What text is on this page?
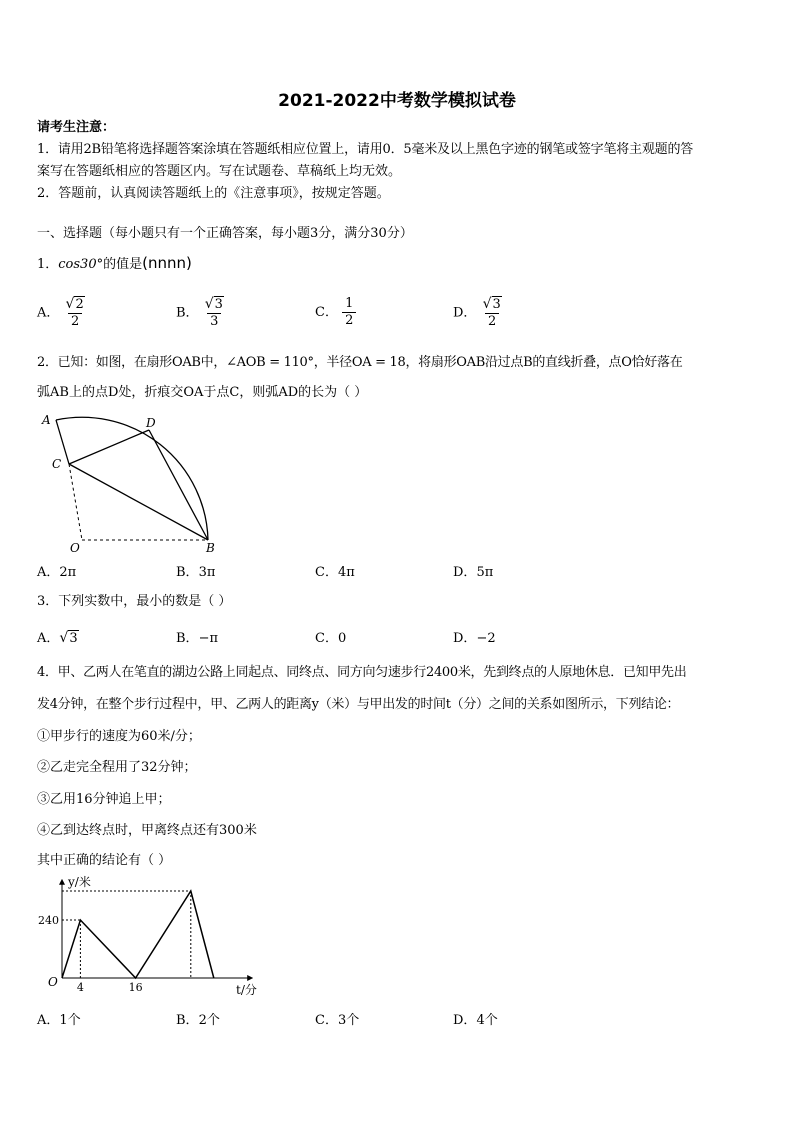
2021-2022中考数学模拟试卷
请考生注意：
1．请用2B铅笔将选择题答案涂填在答题纸相应位置上，请用0．5毫米及以上黑色字迹的钢笔或签字笔将主观题的答
案写在答题纸相应的答题区内。写在试题卷、草稿纸上均无效。
2．答题前，认真阅读答题纸上的《注意事项》，按规定答题。
一、选择题（每小题只有一个正确答案，每小题3分，满分30分）
1．cos30°的值是(nnnn)
A． $\frac{√ 2}{2}$	B． $\frac{√ 3}{3}$	C． $\frac{1}{2}$	D． $\frac{√ 3}{2}$
2．已知：如图，在扇形OAB中，∠AOB = 110°，半径OA = 18，将扇形OAB沿过点B的直线折叠，点O恰好落在
弧AB上的点D处，折痕交OA于点C，则弧AD的长为（ ）
A	D
C
O	B
A．2π	B．3π	C．4π	D．5π
3．下列实数中，最小的数是（ ）
A． √ 3	B．−π	C．0	D．−2
4．甲、乙两人在笔直的湖边公路上同起点、同终点、同方向匀速步行2400米，先到终点的人原地休息．已知甲先出
发4分钟，在整个步行过程中，甲、乙两人的距离y（米）与甲出发的时间t（分）之间的关系如图所示，下列结论：
①甲步行的速度为60米/分；
②乙走完全程用了32分钟；
③乙用16分钟追上甲；
④乙到达终点时，甲离终点还有300米
其中正确的结论有（ ）
y/米
t/分
O 4	16
240
A．1个	B．2个	C．3个	D．4个
